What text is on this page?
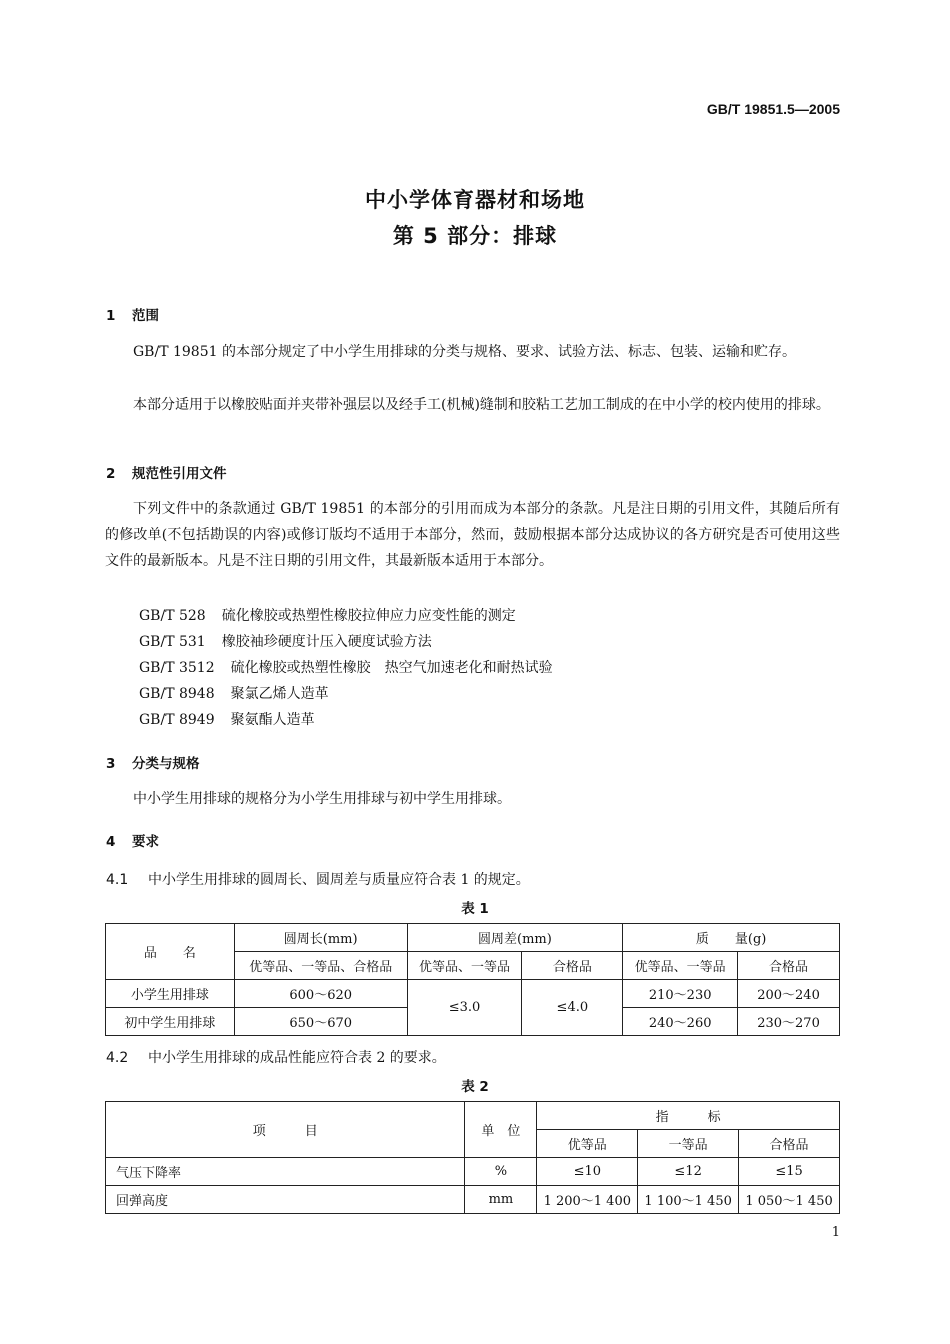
GB/T 19851.5—2005
中小学体育器材和场地
第 5 部分：排球
1 范围
GB/T 19851 的本部分规定了中小学生用排球的分类与规格、要求、试验方法、标志、包装、运输和贮存。
本部分适用于以橡胶贴面并夹带补强层以及经手工(机械)缝制和胶粘工艺加工制成的在中小学的校内使用的排球。
2 规范性引用文件
下列文件中的条款通过 GB/T 19851 的本部分的引用而成为本部分的条款。凡是注日期的引用文件，其随后所有的修改单(不包括勘误的内容)或修订版均不适用于本部分，然而，鼓励根据本部分达成协议的各方研究是否可使用这些文件的最新版本。凡是不注日期的引用文件，其最新版本适用于本部分。
GB/T 528 硫化橡胶或热塑性橡胶拉伸应力应变性能的测定
GB/T 531 橡胶袖珍硬度计压入硬度试验方法
GB/T 3512 硫化橡胶或热塑性橡胶　热空气加速老化和耐热试验
GB/T 8948 聚氯乙烯人造革
GB/T 8949 聚氨酯人造革
3 分类与规格
中小学生用排球的规格分为小学生用排球与初中学生用排球。
4 要求
4.1 中小学生用排球的圆周长、圆周差与质量应符合表 1 的规定。
表 1
品　　名	圆周长(mm)	圆周差(mm)		质　　量(g)	
	优等品、一等品、合格品	优等品、一等品	合格品	优等品、一等品	合格品
小学生用排球	600～620	≤3.0	≤4.0	210～230	200～240
初中学生用排球	650～670			240～260	230～270
4.2 中小学生用排球的成品性能应符合表 2 的要求。
表 2
项　　　目	单　位	指　　　标		
		优等品	一等品	合格品
气压下降率	%	≤10	≤12	≤15
回弹高度	mm	1 200～1 400	1 100～1 450	1 050～1 450
1
